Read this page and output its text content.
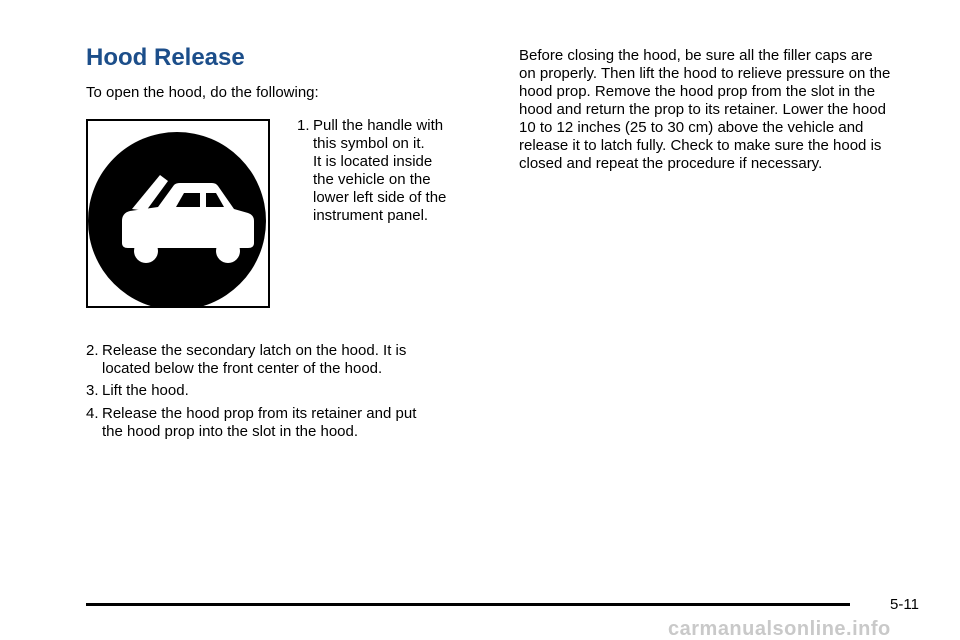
Hood Release

To open the hood, do the following:

1. Pull the handle with
this symbol on it.
It is located inside
the vehicle on the
lower left side of the
instrument panel.
2. Release the secondary latch on the hood. It is
located below the front center of the hood.
3. Lift the hood.
4. Release the hood prop from its retainer and put
the hood prop into the slot in the hood.
Before closing the hood, be sure all the filler caps are
on properly. Then lift the hood to relieve pressure on the
hood prop. Remove the hood prop from the slot in the
hood and return the prop to its retainer. Lower the hood
10 to 12 inches (25 to 30 cm) above the vehicle and
release it to latch fully. Check to make sure the hood is
closed and repeat the procedure if necessary.
5-11
carmanualsonline.info
